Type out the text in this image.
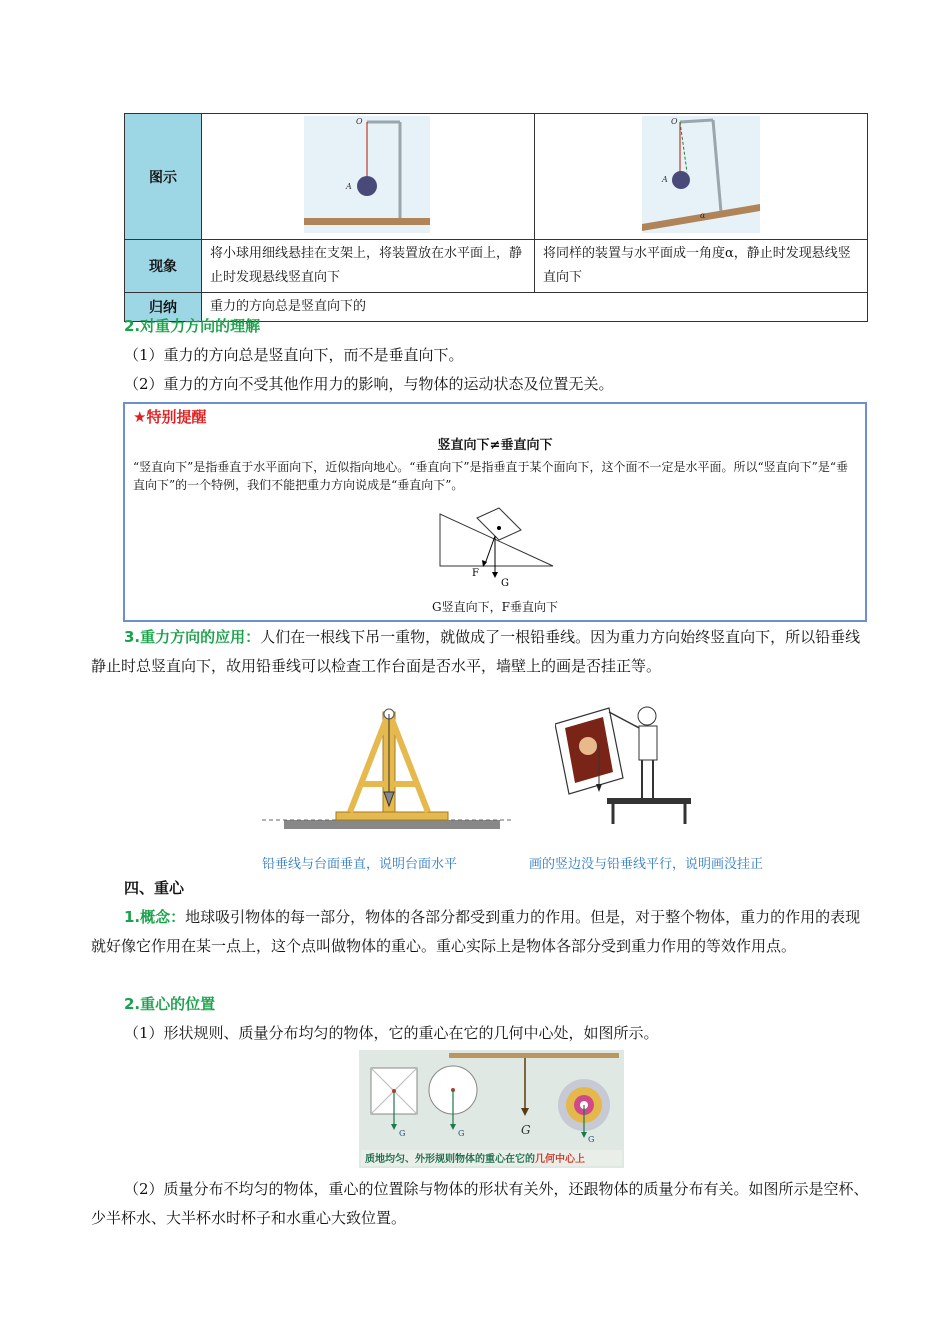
图示	O
A	O
A
α

现象	将小球用细线悬挂在支架上，将装置放在水平面上，静止时发现悬线竖直向下	将同样的装置与水平面成一角度α，静止时发现悬线竖直向下
归纳	重力的方向总是竖直向下的	
2.对重力方向的理解
（1）重力的方向总是竖直向下，而不是垂直向下。
（2）重力的方向不受其他作用力的影响，与物体的运动状态及位置无关。
★特别提醒
竖直向下≠垂直向下
“竖直向下”是指垂直于水平面向下，近似指向地心。“垂直向下”是指垂直于某个面向下，这个面不一定是水平面。所以“竖直向下”是“垂直向下”的一个特例，我们不能把重力方向说成是“垂直向下”。
F
G
G竖直向下，F垂直向下
3.重力方向的应用：人们在一根线下吊一重物，就做成了一根铅垂线。因为重力方向始终竖直向下，所以铅垂线静止时总竖直向下，故用铅垂线可以检查工作台面是否水平，墙壁上的画是否挂正等。
铅垂线与台面垂直，说明台面水平	画的竖边没与铅垂线平行，说明画没挂正
四、重心
1.概念：地球吸引物体的每一部分，物体的各部分都受到重力的作用。但是，对于整个物体，重力的作用的表现就好像它作用在某一点上，这个点叫做物体的重心。重心实际上是物体各部分受到重力作用的等效作用点。
2.重心的位置
（1）形状规则、质量分布均匀的物体，它的重心在它的几何中心处，如图所示。
G
G	G
G
质地均匀、外形规则物体的重心在它的几何中心上
（2）质量分布不均匀的物体，重心的位置除与物体的形状有关外，还跟物体的质量分布有关。如图所示是空杯、少半杯水、大半杯水时杯子和水重心大致位置。
